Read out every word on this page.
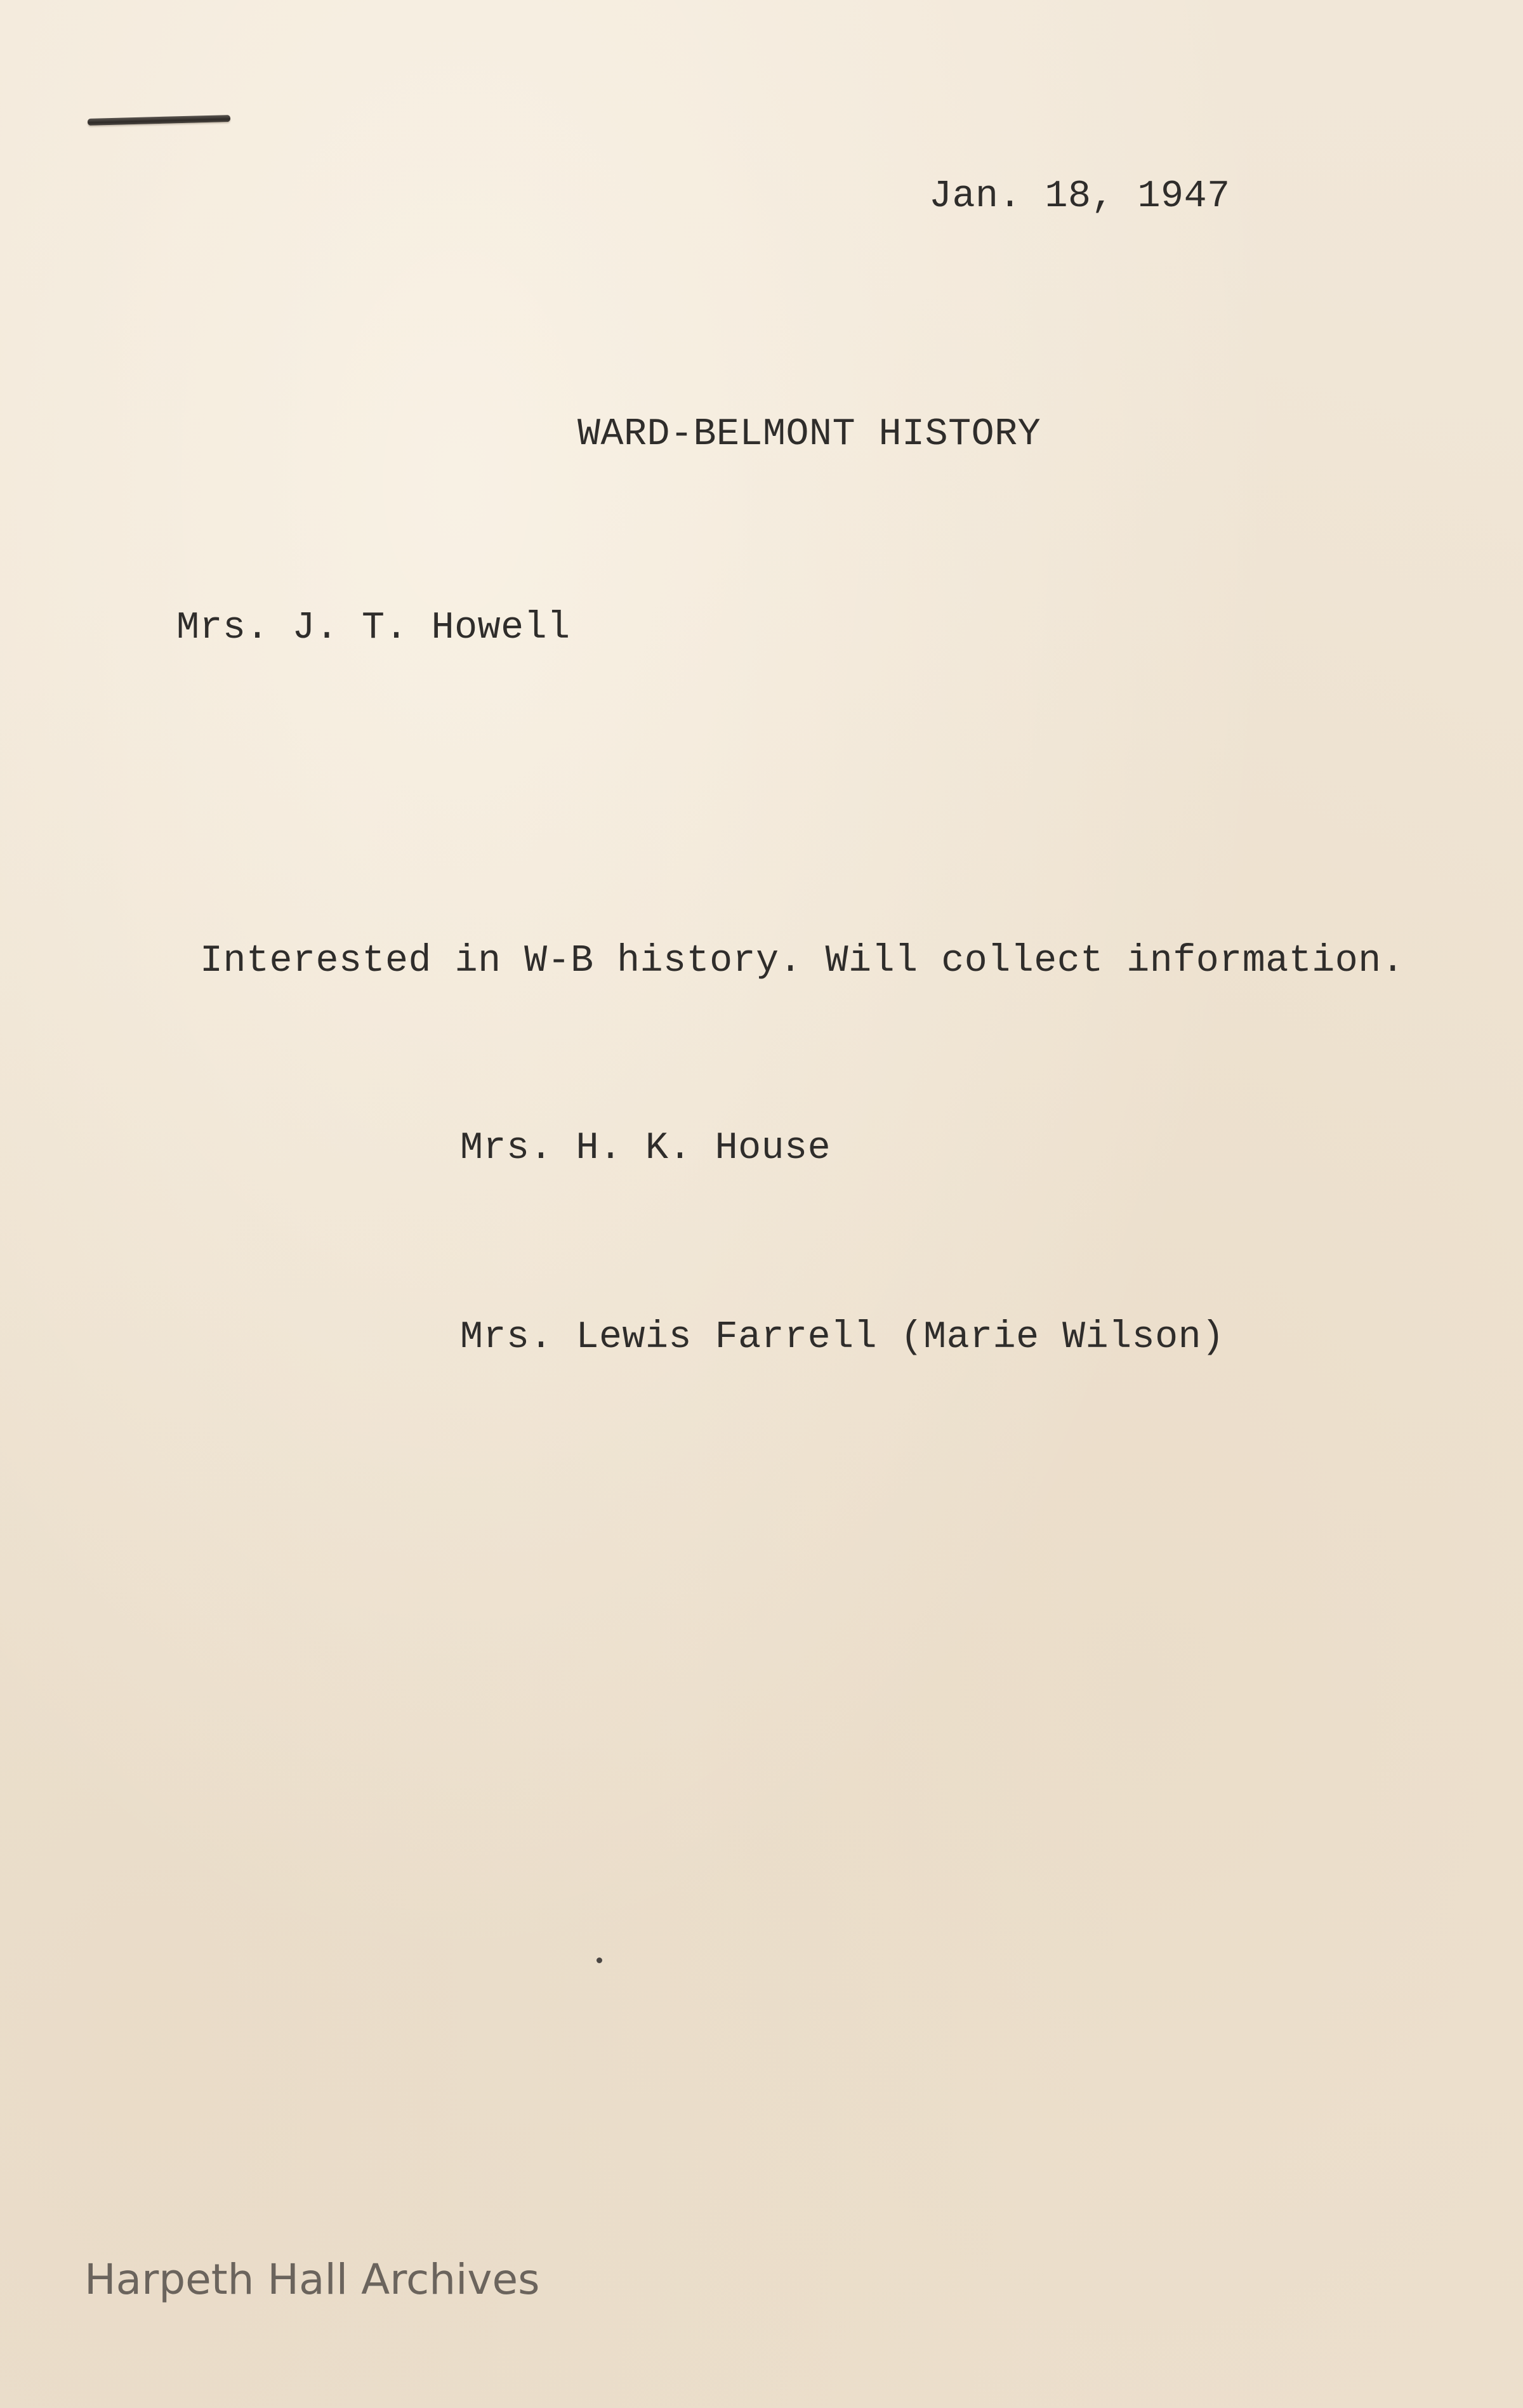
Jan. 18, 1947

WARD-BELMONT HISTORY

Mrs. J. T. Howell

Interested in W-B history. Will collect information.

Mrs. H. K. House

Mrs. Lewis Farrell (Marie Wilson)

Harpeth Hall Archives
